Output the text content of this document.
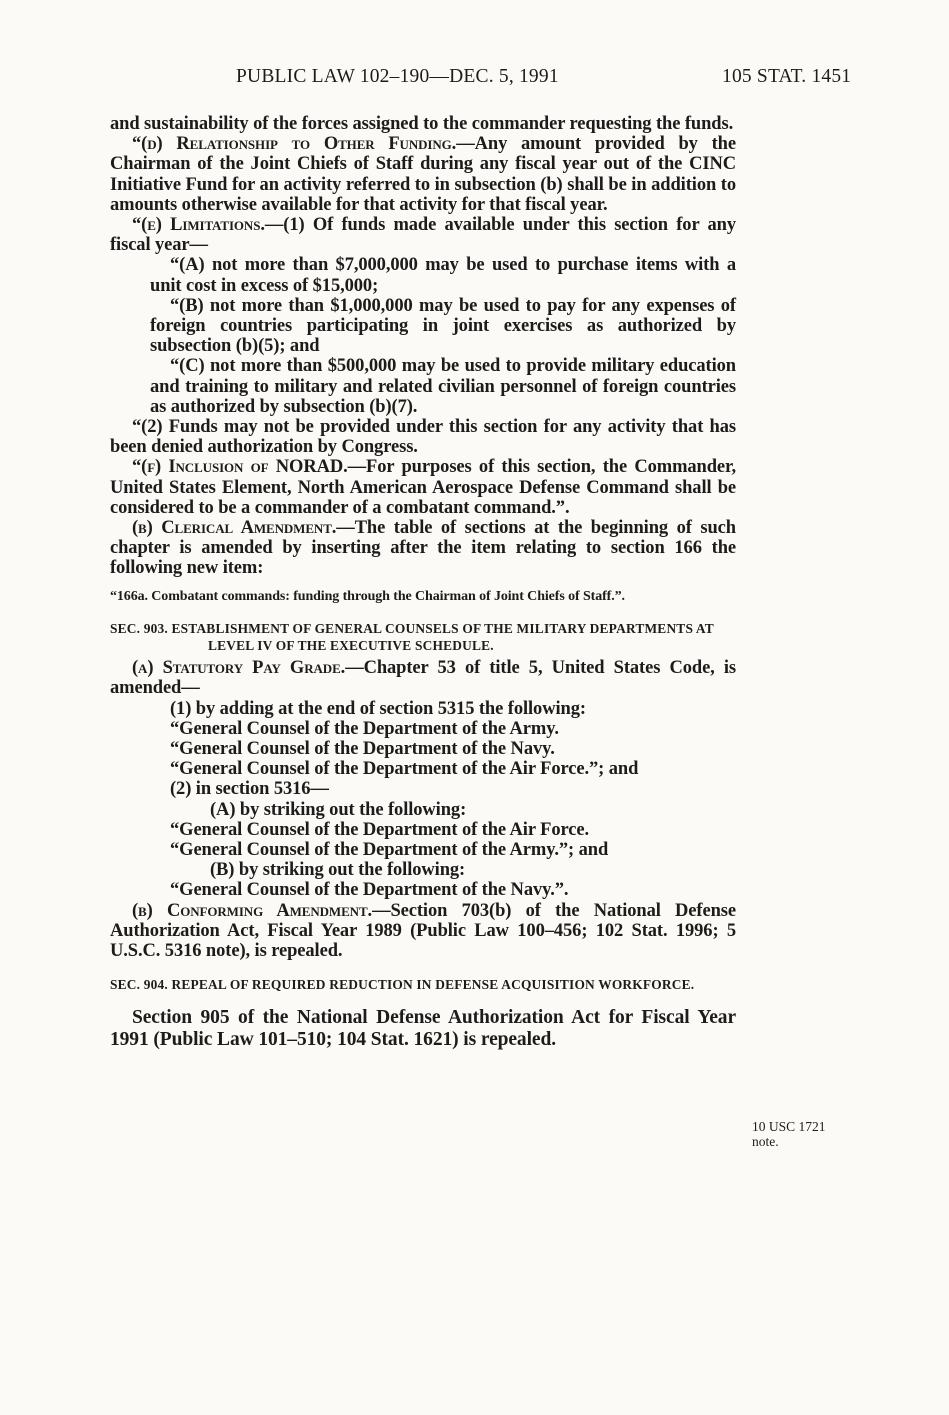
PUBLIC LAW 102–190—DEC. 5, 1991	105 STAT. 1451

and sustainability of the forces assigned to the commander requesting the funds.

“(d) Relationship to Other Funding.—Any amount provided by the Chairman of the Joint Chiefs of Staff during any fiscal year out of the CINC Initiative Fund for an activity referred to in subsection (b) shall be in addition to amounts otherwise available for that activity for that fiscal year.

“(e) Limitations.—(1) Of funds made available under this section for any fiscal year—

“(A) not more than $7,000,000 may be used to purchase items with a unit cost in excess of $15,000;

“(B) not more than $1,000,000 may be used to pay for any expenses of foreign countries participating in joint exercises as authorized by subsection (b)(5); and

“(C) not more than $500,000 may be used to provide military education and training to military and related civilian personnel of foreign countries as authorized by subsection (b)(7).

“(2) Funds may not be provided under this section for any activity that has been denied authorization by Congress.

“(f) Inclusion of NORAD.—For purposes of this section, the Commander, United States Element, North American Aerospace Defense Command shall be considered to be a commander of a combatant command.”.

(b) Clerical Amendment.—The table of sections at the beginning of such chapter is amended by inserting after the item relating to section 166 the following new item:

“166a. Combatant commands: funding through the Chairman of Joint Chiefs of Staff.”.

SEC. 903. ESTABLISHMENT OF GENERAL COUNSELS OF THE MILITARY DEPARTMENTS AT LEVEL IV OF THE EXECUTIVE SCHEDULE.

(a) Statutory Pay Grade.—Chapter 53 of title 5, United States Code, is amended—

(1) by adding at the end of section 5315 the following:

“General Counsel of the Department of the Army.

“General Counsel of the Department of the Navy.

“General Counsel of the Department of the Air Force.”; and

(2) in section 5316—

(A) by striking out the following:

“General Counsel of the Department of the Air Force.

“General Counsel of the Department of the Army.”; and

(B) by striking out the following:

“General Counsel of the Department of the Navy.”.

(b) Conforming Amendment.—Section 703(b) of the National Defense Authorization Act, Fiscal Year 1989 (Public Law 100–456; 102 Stat. 1996; 5 U.S.C. 5316 note), is repealed.

SEC. 904. REPEAL OF REQUIRED REDUCTION IN DEFENSE ACQUISITION WORKFORCE.

Section 905 of the National Defense Authorization Act for Fiscal Year 1991 (Public Law 101–510; 104 Stat. 1621) is repealed.

10 USC 1721
note.
